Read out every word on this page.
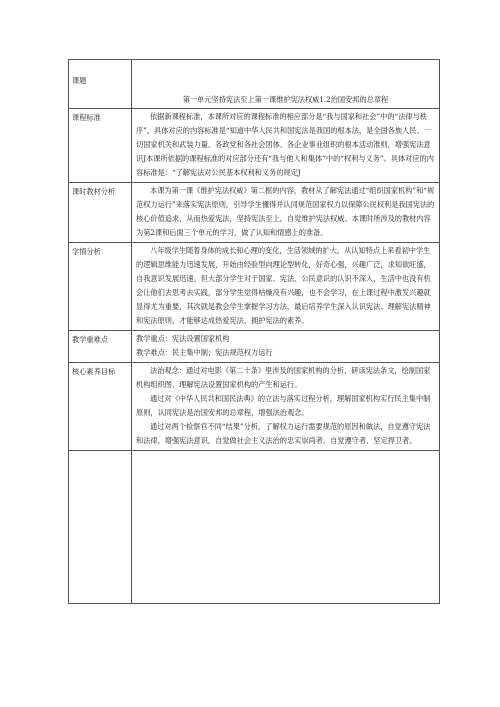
课题	第一单元坚持宪法至上第一课维护宪法权威1.2治国安邦的总章程
课程标准	依据新课程标准，本课所对应的课程标准的相应部分是“我与国家和社会”中的“法律与秩序”，具体对应的内容标准是“知道中华人民共和国宪法是我国的根本法，是全国各族人民、一切国家机关和武装力量、各政党和各社会团体、各企业事业组织的根本活动准则，增强宪法意识J本课所依据的课程标准的对应部分还有“我与他人和集体”中的“权利与义务”。具体对应的内容标准是：“了解宪法对公民基本权利和义务的规定J

课时教材分析	本课为第一课《维护宪法权威》第二框的内容，教材从了解宪法通过“组织国家机构”和“规范权力运行”来落实宪法原则，引导学生懂得并认同规范国家权力以保障公民权利是我国宪法的核心价值追求，从而热爱宪法，坚持宪法至上，自觉维护宪法权威。本课时所涉及的教材内容为第2课和后面三个单元的学习，做了认知和情感上的准备。

学情分析	八年级学生随着身体的成长和心理的变化，生活领域的扩大，从认知特点上来看初中学生的逻辑思维能力迅速发展，开始由经验型向理论型转化，好奇心强，兴趣广泛，求知欲旺盛，自我意识发展迅速。但大部分学生对于国家、宪法、公民意识的认识不深入，生活中也没有机会让他们去思考去实践，部分学生觉得枯燥没有兴趣，也不会学习，在上课过程中激发兴趣就显得尤为重要，其次就是教会学生掌握学习方法，最后培养学生深入认识宪法、理解宪法精神和宪法原则，才能够达成热爱宪法、拥护宪法的素养。

教学重难点	教学重点：宪法设置国家机构

教学难点：民主集中制；宪法规范权力运行

核心素养目标	法治观念：通过对电影《第二十条》里涉及的国家机构的分析，研读宪法条文，绘制国家机构组织图，理解宪法设置国家机构的产生和运行。

通过对《中华人民共和国民法典》的立法与落实过程分析，理解国家机构实行民主集中制原则，认同宪法是治国安邦的总章程，增强法治观念。

通过对两个检察官不同“结果”分析，了解权力运行需要规范的原因和做法，自觉遵守宪法和法律，增强宪法意识，自觉做社会主义法治的忠实崇尚者、自觉遵守者、坚定捍卫者。
